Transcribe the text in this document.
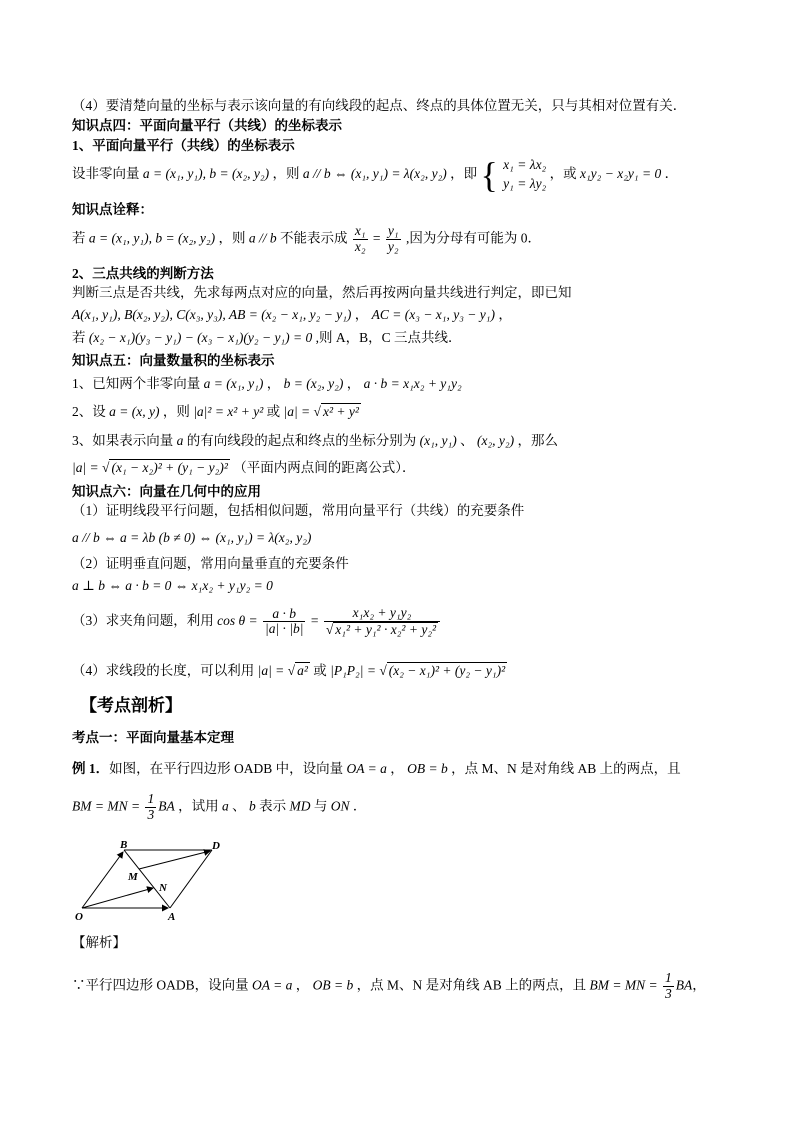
（4）要清楚向量的坐标与表示该向量的有向线段的起点、终点的具体位置无关，只与其相对位置有关．
知识点四：平面向量平行（共线）的坐标表示
1、平面向量平行（共线）的坐标表示
设非零向量 a = (x₁, y₁), b = (x₂, y₂) ，则 a // b ⇔ (x₁, y₁) = λ(x₂, y₂) ，即 { x₁ = λx₂
y₁ = λy₂ ，或 x₁y₂ − x₂y₁ = 0 ．
知识点诠释：
若 a = (x₁, y₁), b = (x₂, y₂) ，则 a // b 不能表示成 $\frac{\text{x₁}}{\text{x₂}} = \frac{\text{y₁}}{\text{y₂}}$ ,因为分母有可能为 0．
2、三点共线的判断方法
判断三点是否共线，先求每两点对应的向量，然后再按两向量共线进行判定，即已知
A(x₁, y₁), B(x₂, y₂), C(x₃, y₃), AB = (x₂ − x₁, y₂ − y₁) ， AC = (x₃ − x₁, y₃ − y₁) ，
若 (x₂ − x₁)(y₃ − y₁) − (x₃ − x₁)(y₂ − y₁) = 0 ,则 A，B，C 三点共线．
知识点五：向量数量积的坐标表示
1、已知两个非零向量 a = (x₁, y₁) ， b = (x₂, y₂) ， a · b = x₁x₂ + y₁y₂
2、设 a = (x, y) ，则 |a|² = x² + y² 或 |a| = √ x² + y²
3、如果表示向量 a 的有向线段的起点和终点的坐标分别为 (x₁, y₁) 、 (x₂, y₂) ，那么
|a| = √ (x₁ − x₂)² + (y₁ − y₂)² （平面内两点间的距离公式）．
知识点六：向量在几何中的应用
（1）证明线段平行问题，包括相似问题，常用向量平行（共线）的充要条件
a // b ⇔ a = λb (b ≠ 0) ⇔ (x₁, y₁) = λ(x₂, y₂)
（2）证明垂直问题，常用向量垂直的充要条件
a ⊥ b ⇔ a · b = 0 ⇔ x₁x₂ + y₁y₂ = 0
（3）求夹角问题，利用 $\cos \theta = \frac{a \cdot b}{|a| \cdot |b|} = \frac{\text{x₁x₂ + y₁y₂}}{\text{√ x₁² + y₁² · x₂² + y₂²}}$
（4）求线段的长度，可以利用 |a| = √ a² 或 |P₁P₂| = √ (x₂ − x₁)² + (y₂ − y₁)²
【考点剖析】
考点一：平面向量基本定理
例 1．如图，在平行四边形 OADB 中，设向量 OA = a ， OB = b ，点 M、N 是对角线 AB 上的两点，且
BM = MN = $\frac{1}{3}$ BA ，试用 a 、 b 表示 MD 与 ON ．
O	A
B	D
M
N
【解析】
∵平行四边形 OADB，设向量 OA = a ， OB = b ，点 M、N 是对角线 AB 上的两点，且 BM = MN = $\frac{1}{3}$ BA，
